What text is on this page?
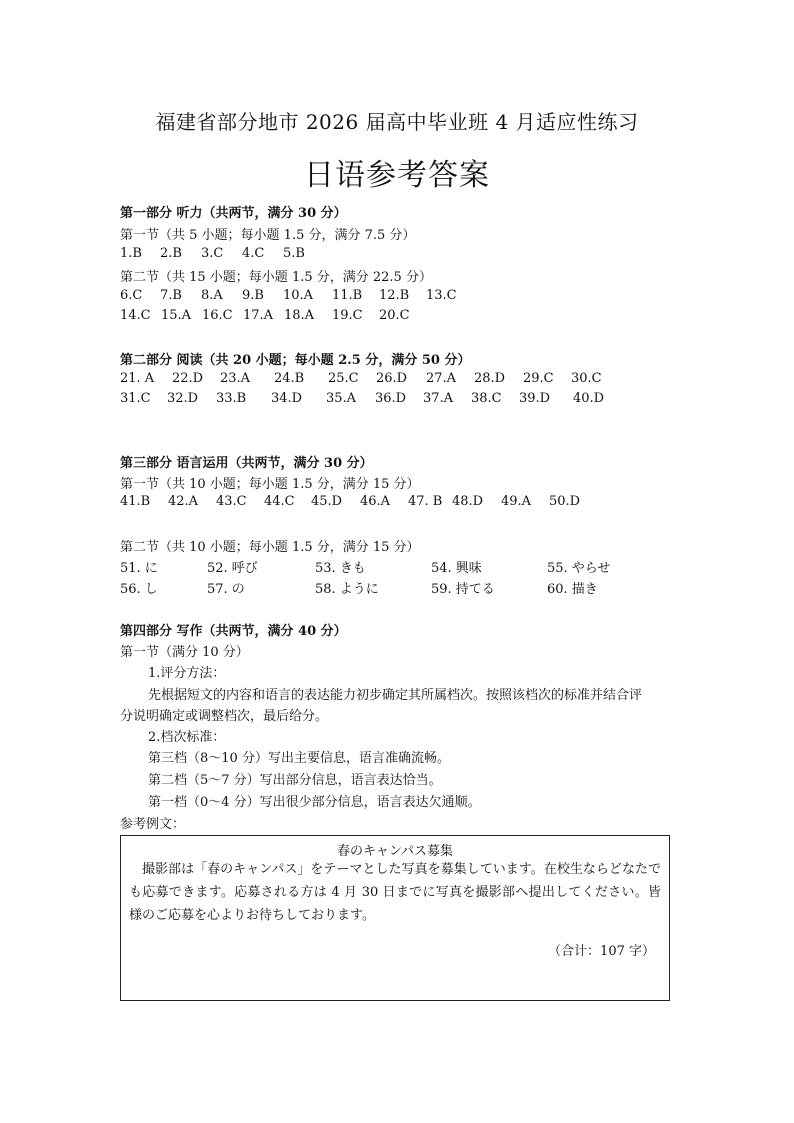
福建省部分地市 2026 届高中毕业班 4 月适应性练习
日语参考答案
第一部分 听力（共两节，满分 30 分）
第一节（共 5 小题；每小题 1.5 分，满分 7.5 分）
1.B 2.B 3.C 4.C 5.B
第二节（共 15 小题；每小题 1.5 分，满分 22.5 分）
6.C 7.B 8.A 9.B 10.A 11.B 12.B 13.C
14.C 15.A 16.C 17.A 18.A 19.C 20.C
第二部分 阅读（共 20 小题；每小题 2.5 分，满分 50 分）
21. A 22.D 23.A 24.B 25.C 26.D 27.A 28.D 29.C 30.C
31.C 32.D 33.B 34.D 35.A 36.D 37.A 38.C 39.D 40.D
第三部分 语言运用（共两节，满分 30 分）
第一节（共 10 小题；每小题 1.5 分，满分 15 分）
41.B 42.A 43.C 44.C 45.D 46.A 47. B 48.D 49.A 50.D
第二节（共 10 小题；每小题 1.5 分，满分 15 分）
51. に	52. 呼び	53. きも	54. 興味	55. やらせ
56. し	57. の	58. ように	59. 持てる	60. 描き
第四部分 写作（共两节，满分 40 分）
第一节（满分 10 分）
1.评分方法：
先根据短文的内容和语言的表达能力初步确定其所属档次。按照该档次的标准并结合评
分说明确定或调整档次，最后给分。
2.档次标准：
第三档（8～10 分）写出主要信息，语言准确流畅。
第二档（5～7 分）写出部分信息，语言表达恰当。
第一档（0～4 分）写出很少部分信息，语言表达欠通顺。
参考例文：
春のキャンパス募集
撮影部は「春のキャンパス」をテーマとした写真を募集しています。在校生ならどなたでも応募できます。応募される方は 4 月 30 日までに写真を撮影部へ提出してください。皆様のご応募を心よりお待ちしております。
（合计：107 字）
